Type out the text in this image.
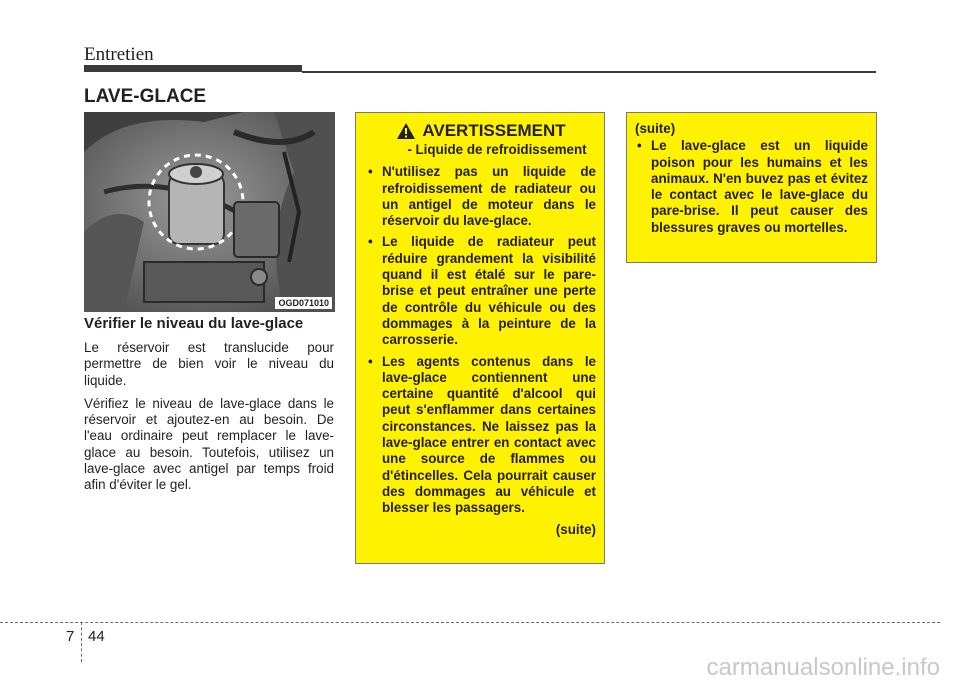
Entretien
LAVE-GLACE
OGD071010
Vérifier le niveau du lave-glace

Le réservoir est translucide pour permettre de bien voir le niveau du liquide.

Vérifiez le niveau de lave-glace dans le réservoir et ajoutez-en au besoin. De l'eau ordinaire peut remplacer le lave-glace au besoin. Toutefois, utilisez un lave-glace avec antigel par temps froid afin d'éviter le gel.

AVERTISSEMENT
- Liquide de refroidissement
• N'utilisez pas un liquide de refroidissement de radiateur ou un antigel de moteur dans le réservoir du lave-glace.
• Le liquide de radiateur peut réduire grandement la visibilité quand il est étalé sur le pare-brise et peut entraîner une perte de contrôle du véhicule ou des dommages à la peinture de la carrosserie.
• Les agents contenus dans le lave-glace contiennent une certaine quantité d'alcool qui peut s'enflammer dans certaines circonstances. Ne laissez pas la lave-glace entrer en contact avec une source de flammes ou d'étincelles. Cela pourrait causer des dommages au véhicule et blesser les passagers.
(suite)
(suite)
• Le lave-glace est un liquide poison pour les humains et les animaux. N'en buvez pas et évitez le contact avec le lave-glace du pare-brise. Il peut causer des blessures graves ou mortelles.
7 44
carmanualsonline.info
